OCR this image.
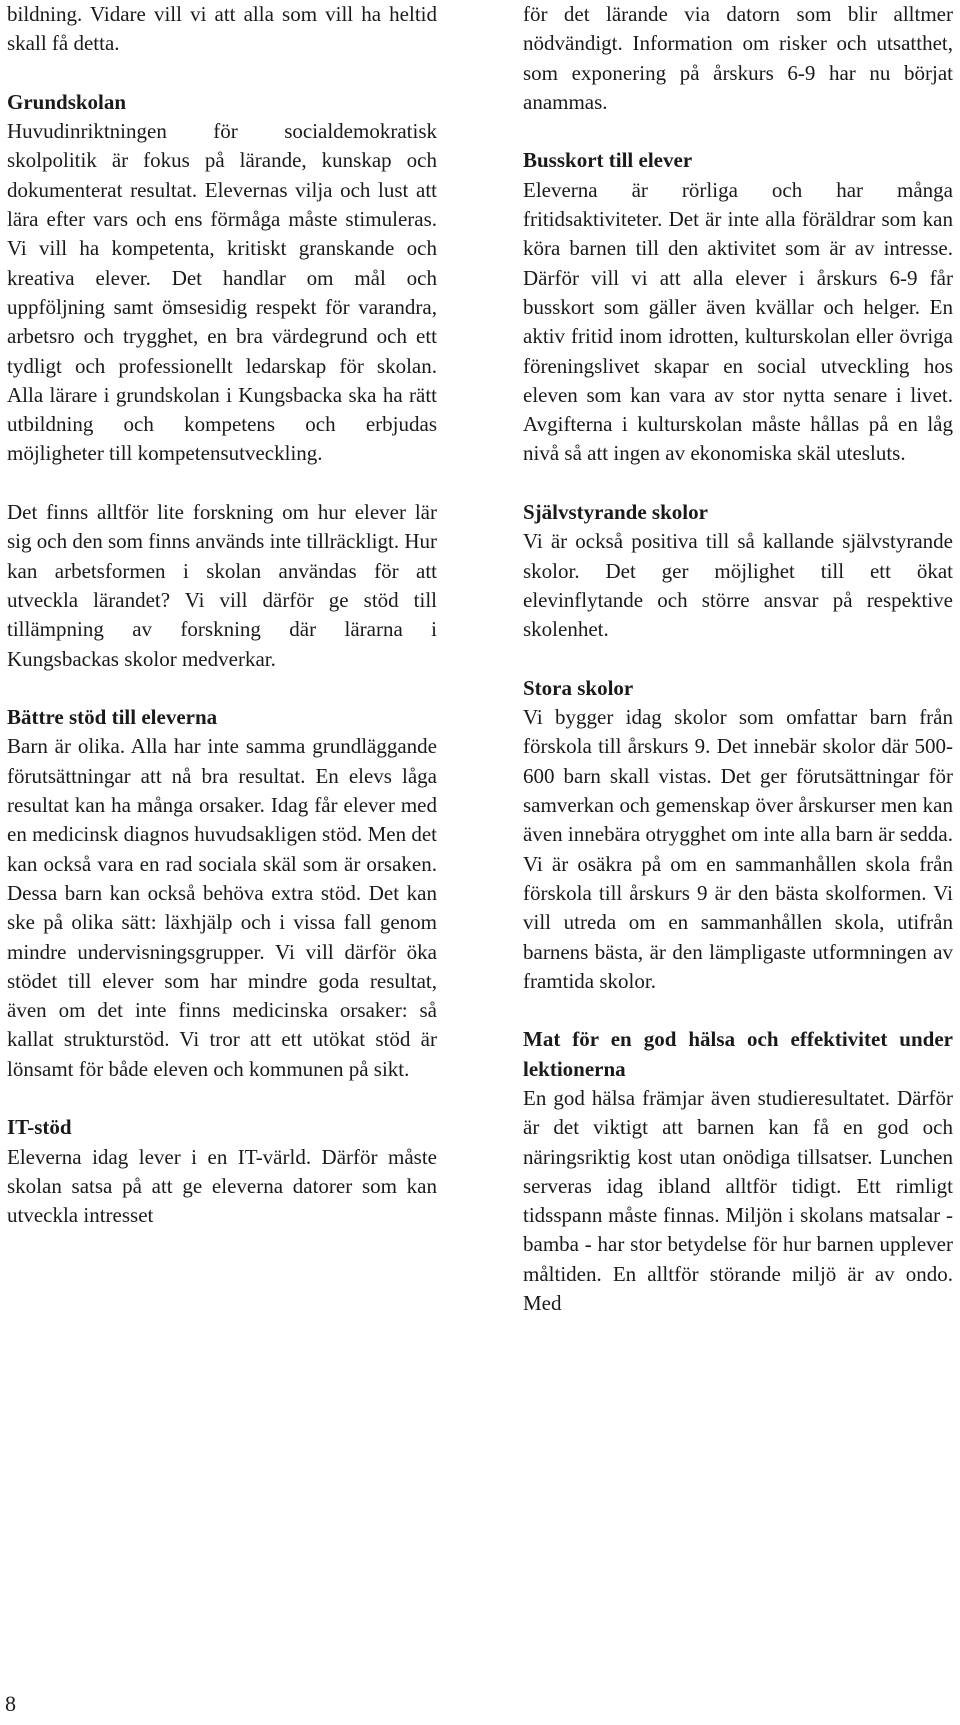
bildning. Vidare vill vi att alla som vill ha heltid skall få detta.

Grundskolan

Huvudinriktningen för socialdemokratisk skolpolitik är fokus på lärande, kunskap och dokumenterat resultat. Elevernas vilja och lust att lära efter vars och ens förmåga måste stimuleras. Vi vill ha kompetenta, kritiskt granskande och kreativa elever. Det handlar om mål och uppföljning samt ömsesidig respekt för varandra, arbetsro och trygghet, en bra värdegrund och ett tydligt och professionellt ledarskap för skolan. Alla lärare i grundskolan i Kungsbacka ska ha rätt utbildning och kompetens och erbjudas möjligheter till kompetensutveckling.

Det finns alltför lite forskning om hur elever lär sig och den som finns används inte tillräckligt. Hur kan arbetsformen i skolan användas för att utveckla lärandet? Vi vill därför ge stöd till tillämpning av forskning där lärarna i Kungsbackas skolor medverkar.

Bättre stöd till eleverna

Barn är olika. Alla har inte samma grundläggande förutsättningar att nå bra resultat. En elevs låga resultat kan ha många orsaker. Idag får elever med en medicinsk diagnos huvudsakligen stöd. Men det kan också vara en rad sociala skäl som är orsaken. Dessa barn kan också behöva extra stöd. Det kan ske på olika sätt: läxhjälp och i vissa fall genom mindre undervisningsgrupper. Vi vill därför öka stödet till elever som har mindre goda resultat, även om det inte finns medicinska orsaker: så kallat strukturstöd. Vi tror att ett utökat stöd är lönsamt för både eleven och kommunen på sikt.

IT-stöd

Eleverna idag lever i en IT-värld. Därför måste skolan satsa på att ge eleverna datorer som kan utveckla intresset

för det lärande via datorn som blir alltmer nödvändigt. Information om risker och utsatthet, som exponering på årskurs 6-9 har nu börjat anammas.

Busskort till elever

Eleverna är rörliga och har många fritidsaktiviteter. Det är inte alla föräldrar som kan köra barnen till den aktivitet som är av intresse. Därför vill vi att alla elever i årskurs 6-9 får busskort som gäller även kvällar och helger. En aktiv fritid inom idrotten, kulturskolan eller övriga föreningslivet skapar en social utveckling hos eleven som kan vara av stor nytta senare i livet. Avgifterna i kulturskolan måste hållas på en låg nivå så att ingen av ekonomiska skäl utesluts.

Självstyrande skolor

Vi är också positiva till så kallande självstyrande skolor. Det ger möjlighet till ett ökat elevinflytande och större ansvar på respektive skolenhet.

Stora skolor

Vi bygger idag skolor som omfattar barn från förskola till årskurs 9. Det innebär skolor där 500-600 barn skall vistas. Det ger förutsättningar för samverkan och gemenskap över årskurser men kan även innebära otrygghet om inte alla barn är sedda. Vi är osäkra på om en sammanhållen skola från förskola till årskurs 9 är den bästa skolformen. Vi vill utreda om en sammanhållen skola, utifrån barnens bästa, är den lämpligaste utformningen av framtida skolor.

Mat för en god hälsa och effektivitet under lektionerna

En god hälsa främjar även studieresultatet. Därför är det viktigt att barnen kan få en god och näringsriktig kost utan onödiga tillsatser. Lunchen serveras idag ibland alltför tidigt. Ett rimligt tidsspann måste finnas. Miljön i skolans matsalar - bamba - har stor betydelse för hur barnen upplever måltiden. En alltför störande miljö är av ondo. Med

8
